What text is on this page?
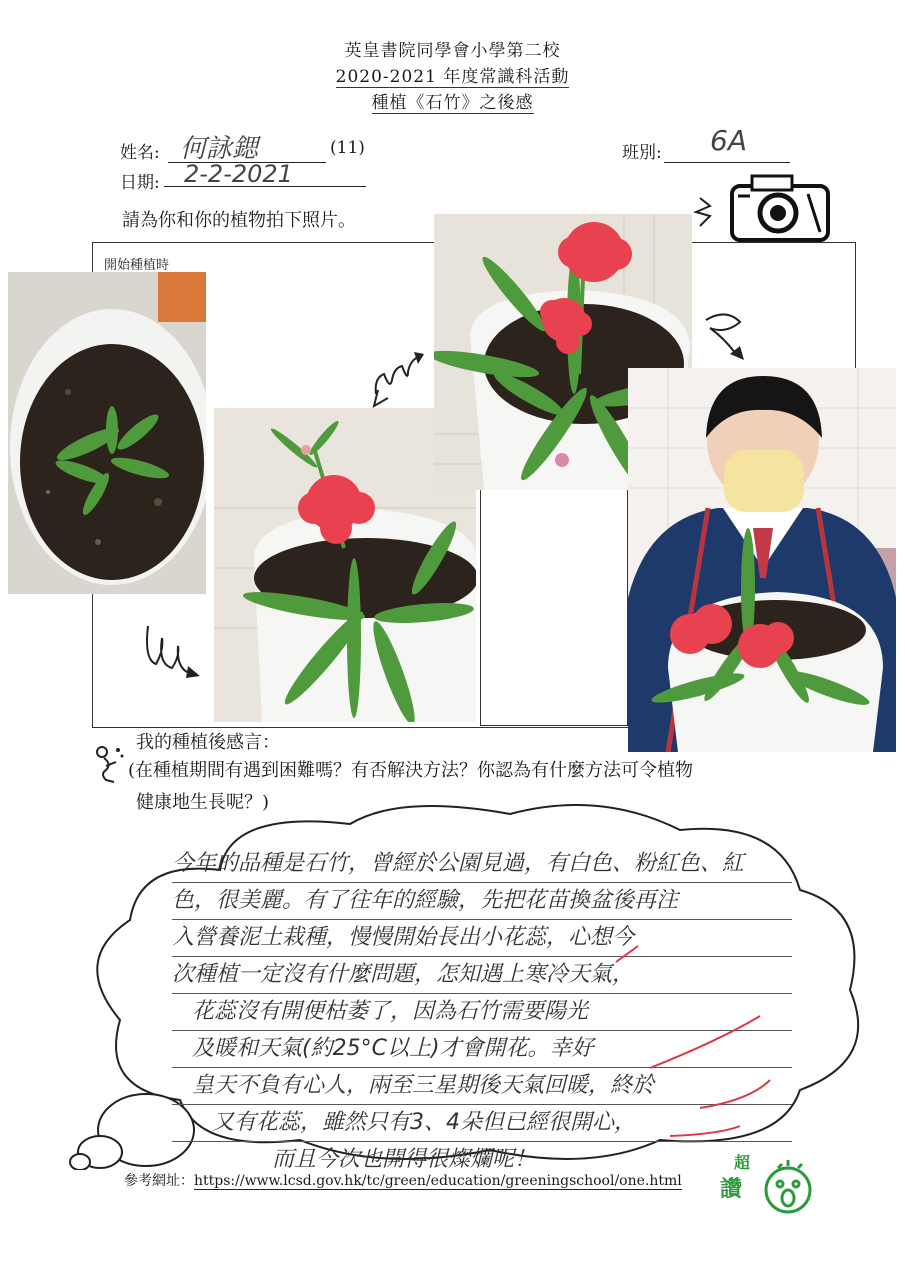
英皇書院同學會小學第二校
2020-2021 年度常識科活動
種植《石竹》之後感
姓名: 何詠鍶	(11)	班別: 6A
日期: 2-2-2021
請為你和你的植物拍下照片。
開始種植時
我的種植後感言：
(在種植期間有遇到困難嗎？有否解決方法？你認為有什麼方法可令植物
健康地生長呢？)
今年的品種是石竹，曾經於公園見過，有白色、粉紅色、紅
色，很美麗。有了往年的經驗，先把花苗換盆後再注
入營養泥土栽種，慢慢開始長出小花蕊，心想今
次種植一定沒有什麼問題，怎知遇上寒冷天氣，
花蕊沒有開便枯萎了，因為石竹需要陽光
及暖和天氣(約25°C以上)才會開花。幸好
皇天不負有心人，兩至三星期後天氣回暖，終於
又有花蕊，雖然只有3、4朵但已經很開心，
而且今次也開得很燦爛呢！
參考網址：https://www.lcsd.gov.hk/tc/green/education/greeningschool/one.html
超
讚
